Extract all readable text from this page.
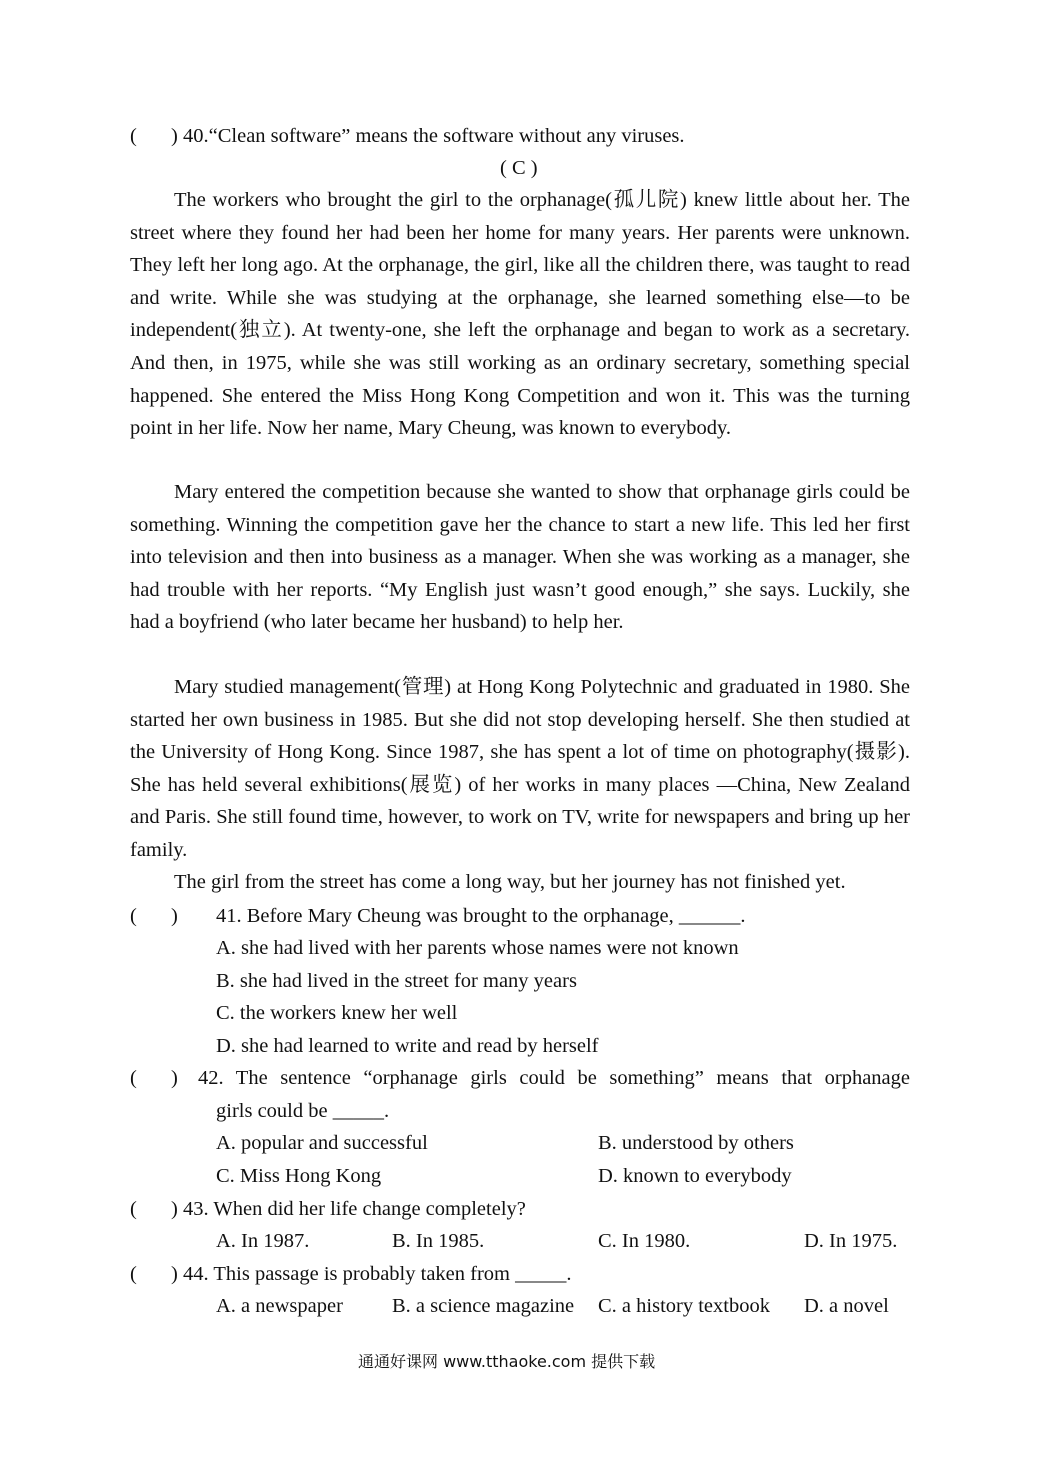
( ) 40.“Clean software” means the software without any viruses.
( C )

The workers who brought the girl to the orphanage(孤儿院) knew little about her. The street where they found her had been her home for many years. Her parents were unknown. They left her long ago. At the orphanage, the girl, like all the children there, was taught to read and write. While she was studying at the orphanage, she learned something else—to be independent(独立). At twenty-one, she left the orphanage and began to work as a secretary. And then, in 1975, while she was still working as an ordinary secretary, something special happened. She entered the Miss Hong Kong Competition and won it. This was the turning point in her life. Now her name, Mary Cheung, was known to everybody.

Mary entered the competition because she wanted to show that orphanage girls could be something. Winning the competition gave her the chance to start a new life. This led her first into television and then into business as a manager. When she was working as a manager, she had trouble with her reports. “My English just wasn’t good enough,” she says. Luckily, she had a boyfriend (who later became her husband) to help her.

Mary studied management(管理) at Hong Kong Polytechnic and graduated in 1980. She started her own business in 1985. But she did not stop developing herself. She then studied at the University of Hong Kong. Since 1987, she has spent a lot of time on photography(摄影). She has held several exhibitions(展览) of her works in many places —China, New Zealand and Paris. She still found time, however, to work on TV, write for newspapers and bring up her family.

The girl from the street has come a long way, but her journey has not finished yet.

( ) 41. Before Mary Cheung was brought to the orphanage, ______.
A. she had lived with her parents whose names were not known
B. she had lived in the street for many years
C. the workers knew her well
D. she had learned to write and read by herself
( ) 42. The sentence “orphanage girls could be something” means that orphanage
girls could be _____.
A. popular and successful	B. understood by others
C. Miss Hong Kong	D. known to everybody
( ) 43. When did her life change completely?
A. In 1987.	B. In 1985.	C. In 1980.	D. In 1975.
( ) 44. This passage is probably taken from _____.
A. a newspaper B. a science magazine C. a history textbook D. a novel
通通好课网 www.tthaoke.com 提供下载
